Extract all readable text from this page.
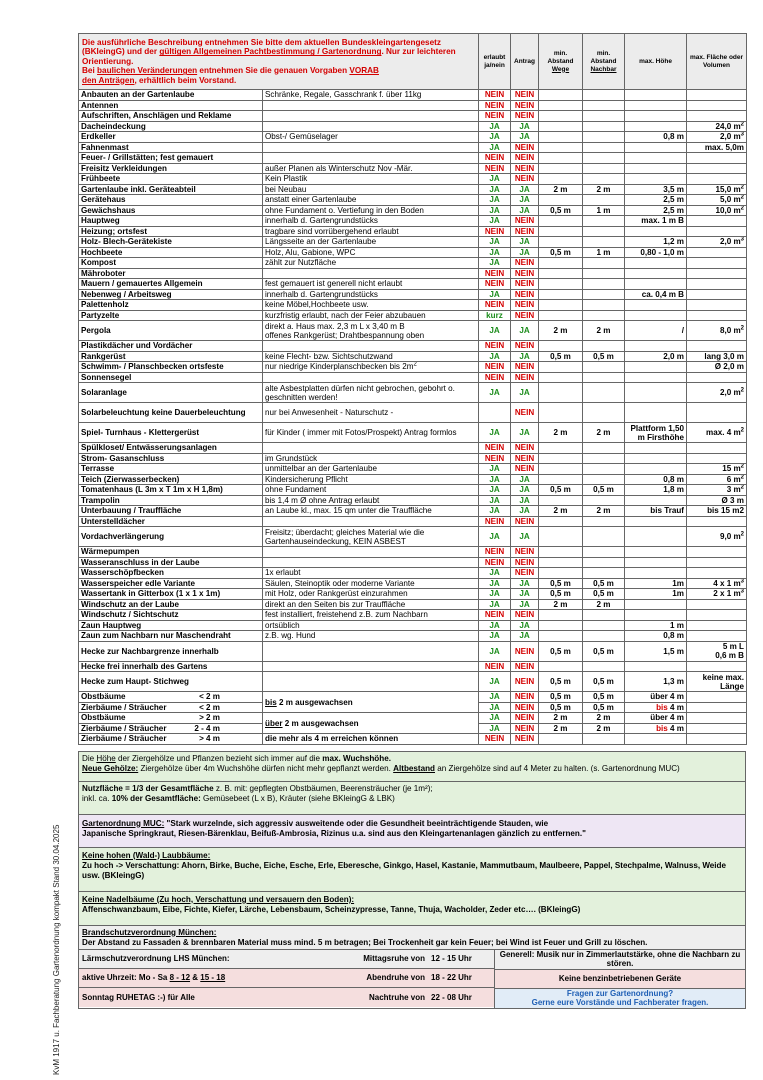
KvM 1917 u. Fachberatung Gartenordnung kompakt Stand 30.04.2025
Die ausführliche Beschreibung entnehmen Sie bitte dem aktuellen Bundeskleingartengesetz
(BKleingG) und der gültigen Allgemeinen Pachtbestimmung / Gartenordnung. Nur zur leichteren Orientierung.
Bei baulichen Veränderungen entnehmen Sie die genauen Vorgaben VORAB
den Anträgen, erhältlich beim Vorstand.		erlaubt ja/nein	Antrag	min. Abstand
Wege	min. Abstand
Nachbar	max. Höhe	max. Fläche oder Volumen
Anbauten an der Gartenlaube	Schränke, Regale, Gasschrank f. über 11kg	NEIN	NEIN				
Antennen		NEIN	NEIN				
Aufschriften, Anschlägen und Reklame		NEIN	NEIN				
Dacheindeckung		JA	JA				24,0 $m^2$
Erdkeller	Obst-/ Gemüselager	JA	JA			0,8 m	2,0 $m^3$
Fahnenmast		JA	NEIN				max. 5,0m
Feuer- / Grillstätten; fest gemauert		NEIN	NEIN				
Freisitz Verkleidungen	außer Planen als Winterschutz Nov -Mär.	NEIN	NEIN				
Frühbeete	Kein Plastik	JA	NEIN				
Gartenlaube inkl. Geräteabteil	bei Neubau	JA	JA	2 m	2 m	3,5 m	15,0 $m^2$
Gerätehaus	anstatt einer Gartenlaube	JA	JA			2,5 m	5,0 $m^2$
Gewächshaus	ohne Fundament o. Vertiefung in den Boden	JA	JA	0,5 m	1 m	2,5 m	10,0 $m^2$
Hauptweg	innerhalb d. Gartengrundstücks	JA	NEIN			max. 1 m B	
Heizung; ortsfest	tragbare sind vorrübergehend erlaubt	NEIN	NEIN				
Holz- Blech-Gerätekiste	Längsseite an der Gartenlaube	JA	JA			1,2 m	2,0 $m^3$
Hochbeete	Holz, Alu, Gabione, WPC	JA	JA	0,5 m	1 m	0,80 - 1,0 m	
Kompost	zählt zur Nutzfläche	JA	NEIN				
Mähroboter		NEIN	NEIN				
Mauern / gemauertes Allgemein	fest gemauert ist generell nicht erlaubt	NEIN	NEIN				
Nebenweg / Arbeitsweg	innerhalb d. Gartengrundstücks	JA	NEIN			ca. 0,4 m B	
Palettenholz	keine Möbel,Hochbeete usw.	NEIN	NEIN				
Partyzelte	kurzfristig erlaubt, nach der Feier abzubauen	kurz	NEIN				
Pergola	direkt a. Haus max. 2,3 m L x 3,40 m B
offenes Rankgerüst; Drahtbespannung oben	JA	JA	2 m	2 m	/	8,0 $m^2$
Plastikdächer und Vordächer		NEIN	NEIN				
Rankgerüst	keine Flecht- bzw. Sichtschutzwand	JA	JA	0,5 m	0,5 m	2,0 m	lang 3,0 m
Schwimm- / Planschbecken ortsfeste	nur niedrige Kinderplanschbecken bis $2m^2$	NEIN	NEIN				Ø 2,0 m
Sonnensegel		NEIN	NEIN				
Solaranlage	alte Asbestplatten dürfen nicht gebrochen, gebohrt o. geschnitten werden!	JA	JA				2,0 $m^2$
Solarbeleuchtung keine Dauerbeleuchtung	nur bei Anwesenheit - Naturschutz -		NEIN				
Spiel- Turnhaus - Klettergerüst	für Kinder ( immer mit Fotos/Prospekt) Antrag formlos	JA	JA	2 m	2 m	Plattform 1,50 m Firsthöhe	max. 4 $m^2$
Spülkloset/ Entwässerungsanlagen		NEIN	NEIN				
Strom- Gasanschluss	im Grundstück	NEIN	NEIN				
Terrasse	unmittelbar an der Gartenlaube	JA	NEIN				15 $m^2$
Teich (Zierwasserbecken)	Kindersicherung Pflicht	JA	JA			0,8 m	6 $m^2$
Tomatenhaus (L 3m x T 1m x H 1,8m)	ohne Fundament	JA	JA	0,5 m	0,5 m	1,8 m	3 $m^2$
Trampolin	bis 1,4 m Ø ohne Antrag erlaubt	JA	JA				Ø 3 m
Unterbauung / Trauffläche	an Laube kl., max. 15 qm unter die Trauffläche	JA	JA	2 m	2 m	bis Trauf	bis 15 m2
Unterstelldächer		NEIN	NEIN				
Vordachverlängerung	Freisitz; überdacht; gleiches Material wie die Gartenhauseindeckung, KEIN ASBEST	JA	JA				9,0 $m^2$
Wärmepumpen		NEIN	NEIN				
Wasseranschluss in der Laube		NEIN	NEIN				
Wasserschöpfbecken	1x erlaubt	JA	NEIN				
Wasserspeicher edle Variante	Säulen, Steinoptik oder moderne Variante	JA	JA	0,5 m	0,5 m	1m	4 x 1 $m^3$
Wassertank in Gitterbox (1 x 1 x 1m)	mit Holz, oder Rankgerüst einzurahmen	JA	JA	0,5 m	0,5 m	1m	2 x 1 $m^3$
Windschutz an der Laube	direkt an den Seiten bis zur Trauffläche	JA	JA	2 m	2 m		
Windschutz / Sichtschutz	fest installiert, freistehend z.B. zum Nachbarn	NEIN	NEIN				
Zaun Hauptweg	ortsüblich	JA	JA			1 m	
Zaun zum Nachbarn nur Maschendraht	z.B. wg. Hund	JA	JA			0,8 m	
Hecke zur Nachbargrenze innerhalb		JA	NEIN	0,5 m	0,5 m	1,5 m	5 m L
0,6 m B
Hecke frei innerhalb des Gartens		NEIN	NEIN				
Hecke zum Haupt- Stichweg		JA	NEIN	0,5 m	0,5 m	1,3 m	keine max. Länge
Obstbäume < 2 m	bis 2 m ausgewachsen	JA	NEIN	0,5 m	0,5 m	über 4 m	
Zierbäume / Sträucher < 2 m		JA	NEIN	0,5 m	0,5 m	bis 4 m	
Obstbäume > 2 m	über 2 m ausgewachsen	JA	NEIN	2 m	2 m	über 4 m	
Zierbäume / Sträucher 2 - 4 m		JA	NEIN	2 m	2 m	bis 4 m	
Zierbäume / Sträucher > 4 m	die mehr als 4 m erreichen können	NEIN	NEIN				
Die Höhe der Ziergehölze und Pflanzen bezieht sich immer auf die max. Wuchshöhe.
Neue Gehölze: Ziergehölze über 4m Wuchshöhe dürfen nicht mehr gepflanzt werden. Altbestand an Ziergehölze sind auf 4 Meter zu halten. (s. Gartenordnung MUC)
Nutzfläche = 1/3 der Gesamtfläche z. B. mit: gepflegten Obstbäumen, Beerensträucher (je 1m²);
inkl. ca. 10% der Gesamtfläche: Gemüsebeet (L x B), Kräuter (siehe BKleingG & LBK)
Gartenordnung MUC: "Stark wurzelnde, sich aggressiv ausweitende oder die Gesundheit beeinträchtigende Stauden, wie
Japanische Springkraut, Riesen-Bärenklau, Beifuß-Ambrosia, Rizinus u.a. sind aus den Kleingartenanlagen gänzlich zu entfernen."
Keine hohen (Wald-) Laubbäume:
Zu hoch -> Verschattung: Ahorn, Birke, Buche, Eiche, Esche, Erle, Eberesche, Ginkgo, Hasel, Kastanie, Mammutbaum, Maulbeere, Pappel, Stechpalme, Walnuss, Weide usw. (BKleingG)
Keine Nadelbäume (Zu hoch, Verschattung und versauern den Boden):
Affenschwanzbaum, Eibe, Fichte, Kiefer, Lärche, Lebensbaum, Scheinzypresse, Tanne, Thuja, Wacholder, Zeder etc…. (BKleingG)
Brandschutzverordnung München:
Der Abstand zu Fassaden & brennbaren Material muss mind. 5 m betragen; Bei Trockenheit gar kein Feuer; bei Wind ist Feuer und Grill zu löschen.
Lärmschutzverordnung LHS München:	Mittagsruhe von 12 - 15 Uhr
aktive Uhrzeit: Mo - Sa 8 - 12 & 15 - 18	Abendruhe von 18 - 22 Uhr
Sonntag RUHETAG :-) für Alle	Nachtruhe von 22 - 08 Uhr
Generell: Musik nur in Zimmerlautstärke, ohne die Nachbarn zu stören.
Keine benzinbetriebenen Geräte
Fragen zur Gartenordnung?
Gerne eure Vorstände und Fachberater fragen.
